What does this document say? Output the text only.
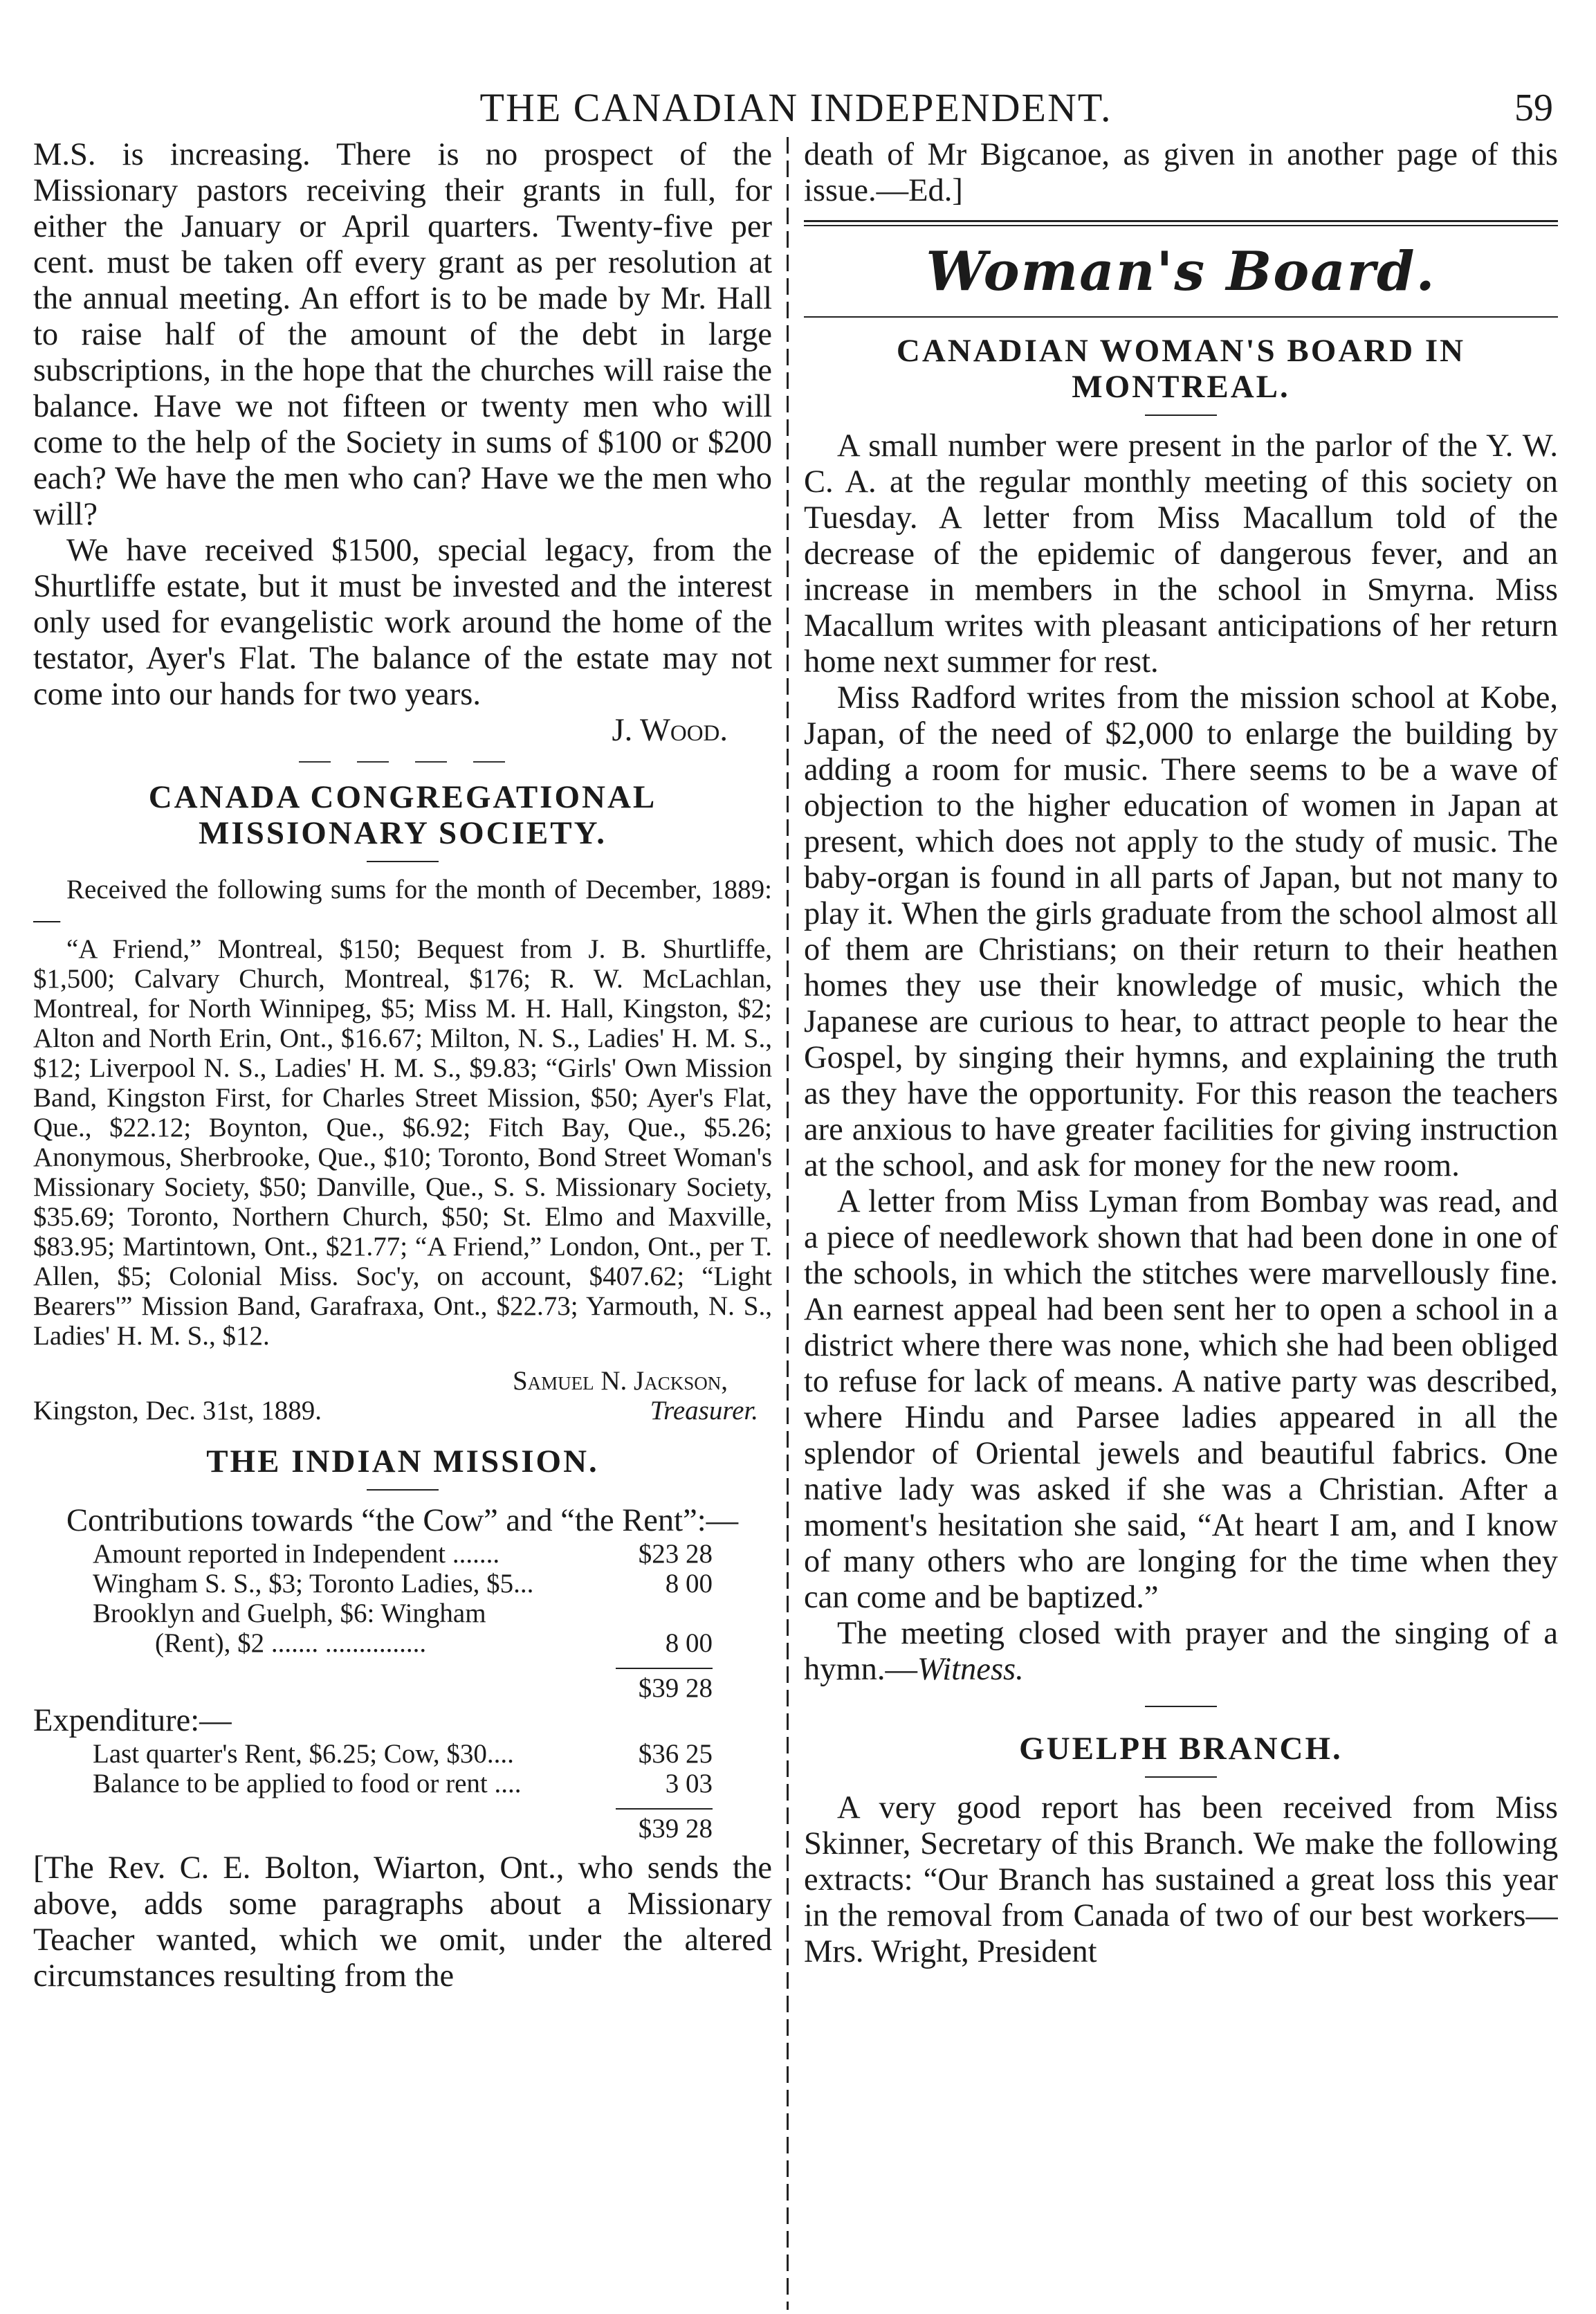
THE CANADIAN INDEPENDENT.	59

M.S. is increasing. There is no prospect of the Missionary pastors receiving their grants in full, for either the January or April quarters. Twenty-five per cent. must be taken off every grant as per resolution at the annual meeting. An effort is to be made by Mr. Hall to raise half of the amount of the debt in large subscriptions, in the hope that the churches will raise the balance. Have we not fifteen or twenty men who will come to the help of the Society in sums of $100 or $200 each? We have the men who can? Have we the men who will?

We have received $1500, special legacy, from the Shurtliffe estate, but it must be invested and the interest only used for evangelistic work around the home of the testator, Ayer's Flat. The balance of the estate may not come into our hands for two years.

J. Wood.

CANADA CONGREGATIONAL MISSIONARY SOCIETY.

Received the following sums for the month of December, 1889:—

“A Friend,” Montreal, $150; Bequest from J. B. Shurtliffe, $1,500; Calvary Church, Montreal, $176; R. W. McLachlan, Montreal, for North Winnipeg, $5; Miss M. H. Hall, Kingston, $2; Alton and North Erin, Ont., $16.67; Milton, N. S., Ladies' H. M. S., $12; Liverpool N. S., Ladies' H. M. S., $9.83; “Girls' Own Mission Band, Kingston First, for Charles Street Mission, $50; Ayer's Flat, Que., $22.12; Boynton, Que., $6.92; Fitch Bay, Que., $5.26; Anonymous, Sherbrooke, Que., $10; Toronto, Bond Street Woman's Missionary Society, $50; Danville, Que., S. S. Missionary Society, $35.69; Toronto, Northern Church, $50; St. Elmo and Maxville, $83.95; Martintown, Ont., $21.77; “A Friend,” London, Ont., per T. Allen, $5; Colonial Miss. Soc'y, on account, $407.62; “Light Bearers'” Mission Band, Garafraxa, Ont., $22.73; Yarmouth, N. S., Ladies' H. M. S., $12.

Samuel N. Jackson,

Kingston, Dec. 31st, 1889.	Treasurer.
THE INDIAN MISSION.

Contributions towards “the Cow” and “the Rent”:—

Amount reported in Independent .......	$23 28
Wingham S. S., $3; Toronto Ladies, $5...	8 00
Brooklyn and Guelph, $6: Wingham
(Rent), $2 ....... ...............	8 00
$39 28

Expenditure:—

Last quarter's Rent, $6.25; Cow, $30....	$36 25
Balance to be applied to food or rent ....	3 03
$39 28

[The Rev. C. E. Bolton, Wiarton, Ont., who sends the above, adds some paragraphs about a Missionary Teacher wanted, which we omit, under the altered circumstances resulting from the

death of Mr Bigcanoe, as given in another page of this issue.—Ed.]

Woman's Board.
CANADIAN WOMAN'S BOARD IN MONTREAL.

A small number were present in the parlor of the Y. W. C. A. at the regular monthly meeting of this society on Tuesday. A letter from Miss Macallum told of the decrease of the epidemic of dangerous fever, and an increase in members in the school in Smyrna. Miss Macallum writes with pleasant anticipations of her return home next summer for rest.

Miss Radford writes from the mission school at Kobe, Japan, of the need of $2,000 to enlarge the building by adding a room for music. There seems to be a wave of objection to the higher education of women in Japan at present, which does not apply to the study of music. The baby-organ is found in all parts of Japan, but not many to play it. When the girls graduate from the school almost all of them are Christians; on their return to their heathen homes they use their knowledge of music, which the Japanese are curious to hear, to attract people to hear the Gospel, by singing their hymns, and explaining the truth as they have the opportunity. For this reason the teachers are anxious to have greater facilities for giving instruction at the school, and ask for money for the new room.

A letter from Miss Lyman from Bombay was read, and a piece of needlework shown that had been done in one of the schools, in which the stitches were marvellously fine. An earnest appeal had been sent her to open a school in a district where there was none, which she had been obliged to refuse for lack of means. A native party was described, where Hindu and Parsee ladies appeared in all the splendor of Oriental jewels and beautiful fabrics. One native lady was asked if she was a Christian. After a moment's hesitation she said, “At heart I am, and I know of many others who are longing for the time when they can come and be baptized.”

The meeting closed with prayer and the singing of a hymn.—Witness.

GUELPH BRANCH.

A very good report has been received from Miss Skinner, Secretary of this Branch. We make the following extracts: “Our Branch has sustained a great loss this year in the removal from Canada of two of our best workers—Mrs. Wright, President
